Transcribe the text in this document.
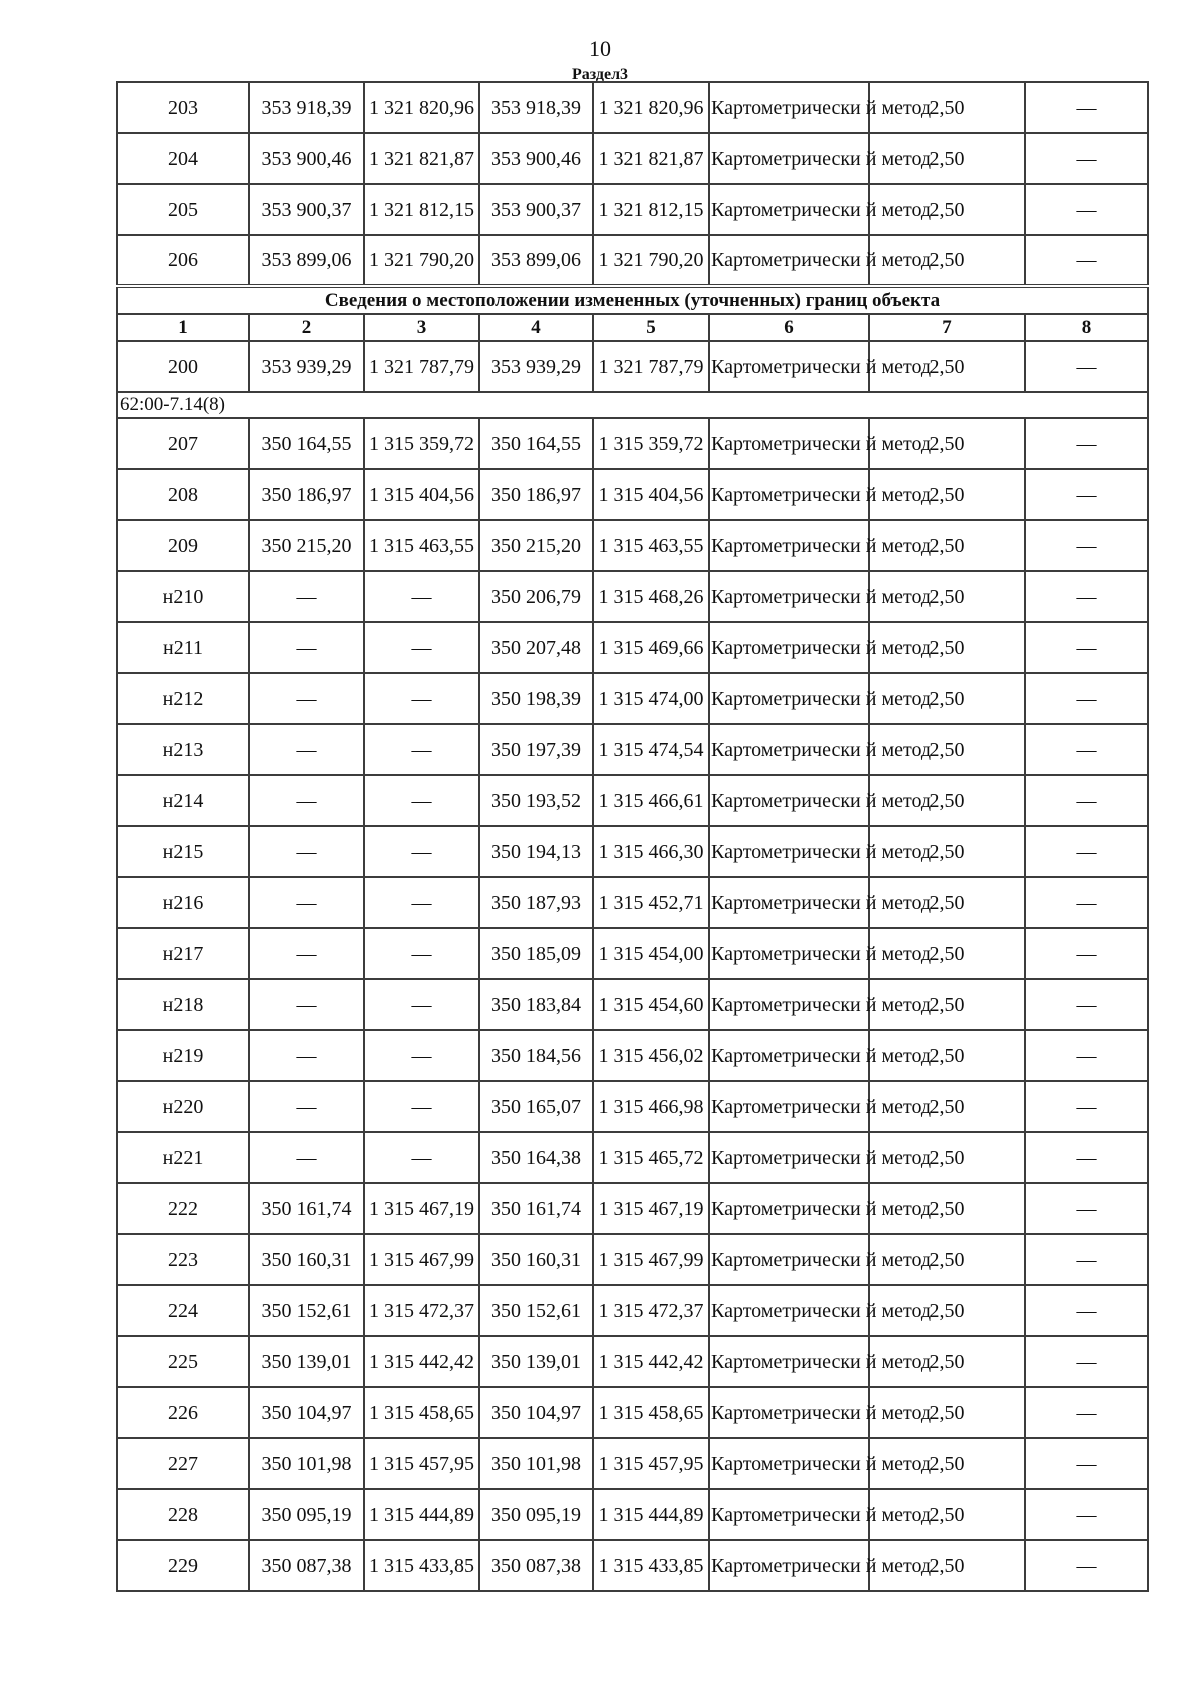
10
Раздел3
203	353 918,39	1 321 820,96	353 918,39	1 321 820,96	Картометрически й метод	2,50	—
204	353 900,46	1 321 821,87	353 900,46	1 321 821,87	Картометрически й метод	2,50	—
205	353 900,37	1 321 812,15	353 900,37	1 321 812,15	Картометрически й метод	2,50	—
206	353 899,06	1 321 790,20	353 899,06	1 321 790,20	Картометрически й метод	2,50	—
Сведения о местоположении измененных (уточненных) границ объекта							
1	2	3	4	5	6	7	8
200	353 939,29	1 321 787,79	353 939,29	1 321 787,79	Картометрически й метод	2,50	—
62:00-7.14(8)							
207	350 164,55	1 315 359,72	350 164,55	1 315 359,72	Картометрически й метод	2,50	—
208	350 186,97	1 315 404,56	350 186,97	1 315 404,56	Картометрически й метод	2,50	—
209	350 215,20	1 315 463,55	350 215,20	1 315 463,55	Картометрически й метод	2,50	—
н210	—	—	350 206,79	1 315 468,26	Картометрически й метод	2,50	—
н211	—	—	350 207,48	1 315 469,66	Картометрически й метод	2,50	—
н212	—	—	350 198,39	1 315 474,00	Картометрически й метод	2,50	—
н213	—	—	350 197,39	1 315 474,54	Картометрически й метод	2,50	—
н214	—	—	350 193,52	1 315 466,61	Картометрически й метод	2,50	—
н215	—	—	350 194,13	1 315 466,30	Картометрически й метод	2,50	—
н216	—	—	350 187,93	1 315 452,71	Картометрически й метод	2,50	—
н217	—	—	350 185,09	1 315 454,00	Картометрически й метод	2,50	—
н218	—	—	350 183,84	1 315 454,60	Картометрически й метод	2,50	—
н219	—	—	350 184,56	1 315 456,02	Картометрически й метод	2,50	—
н220	—	—	350 165,07	1 315 466,98	Картометрически й метод	2,50	—
н221	—	—	350 164,38	1 315 465,72	Картометрически й метод	2,50	—
222	350 161,74	1 315 467,19	350 161,74	1 315 467,19	Картометрически й метод	2,50	—
223	350 160,31	1 315 467,99	350 160,31	1 315 467,99	Картометрически й метод	2,50	—
224	350 152,61	1 315 472,37	350 152,61	1 315 472,37	Картометрически й метод	2,50	—
225	350 139,01	1 315 442,42	350 139,01	1 315 442,42	Картометрически й метод	2,50	—
226	350 104,97	1 315 458,65	350 104,97	1 315 458,65	Картометрически й метод	2,50	—
227	350 101,98	1 315 457,95	350 101,98	1 315 457,95	Картометрически й метод	2,50	—
228	350 095,19	1 315 444,89	350 095,19	1 315 444,89	Картометрически й метод	2,50	—
229	350 087,38	1 315 433,85	350 087,38	1 315 433,85	Картометрически й метод	2,50	—
